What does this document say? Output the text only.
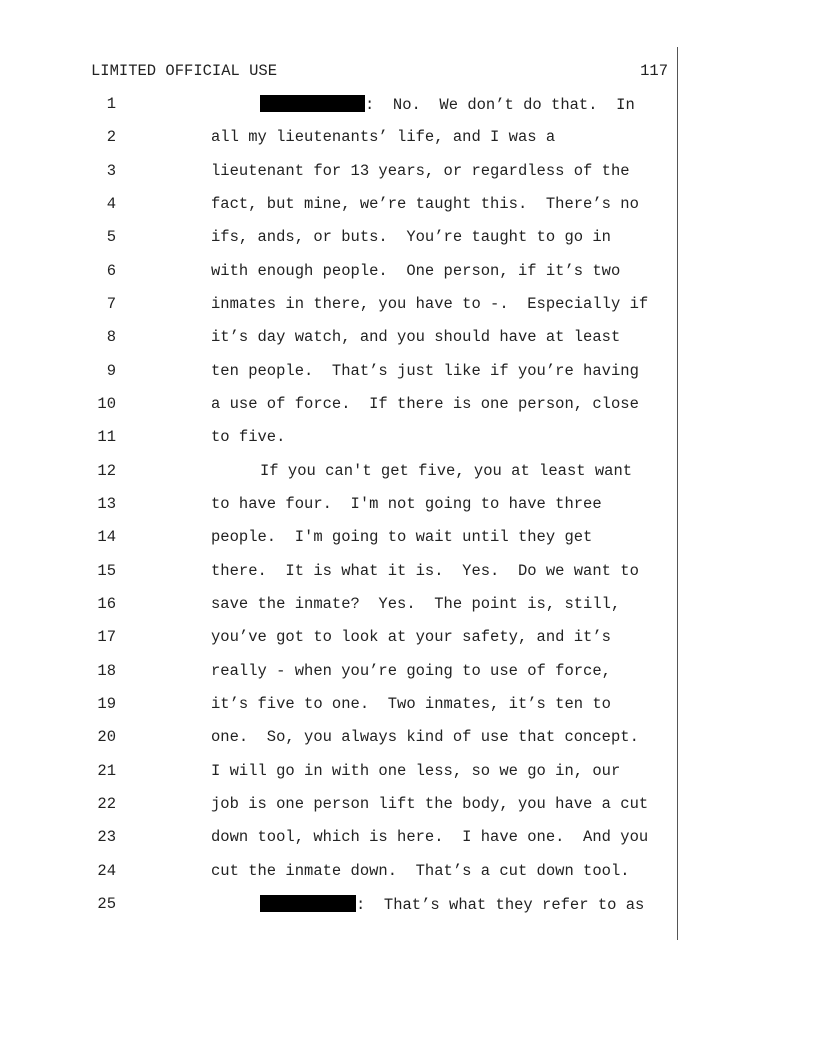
LIMITED OFFICIAL USE	117
1	:  No.  We don’t do that.  In
2	all my lieutenants’ life, and I was a
3	lieutenant for 13 years, or regardless of the
4	fact, but mine, we’re taught this.  There’s no
5	ifs, ands, or buts.  You’re taught to go in
6	with enough people.  One person, if it’s two
7	inmates in there, you have to -.  Especially if
8	it’s day watch, and you should have at least
9	ten people.  That’s just like if you’re having
10	a use of force.  If there is one person, close
11	to five.
12	If you can't get five, you at least want
13	to have four.  I'm not going to have three
14	people.  I'm going to wait until they get
15	there.  It is what it is.  Yes.  Do we want to
16	save the inmate?  Yes.  The point is, still,
17	you’ve got to look at your safety, and it’s
18	really - when you’re going to use of force,
19	it’s five to one.  Two inmates, it’s ten to
20	one.  So, you always kind of use that concept.
21	I will go in with one less, so we go in, our
22	job is one person lift the body, you have a cut
23	down tool, which is here.  I have one.  And you
24	cut the inmate down.  That’s a cut down tool.
25	:  That’s what they refer to as
